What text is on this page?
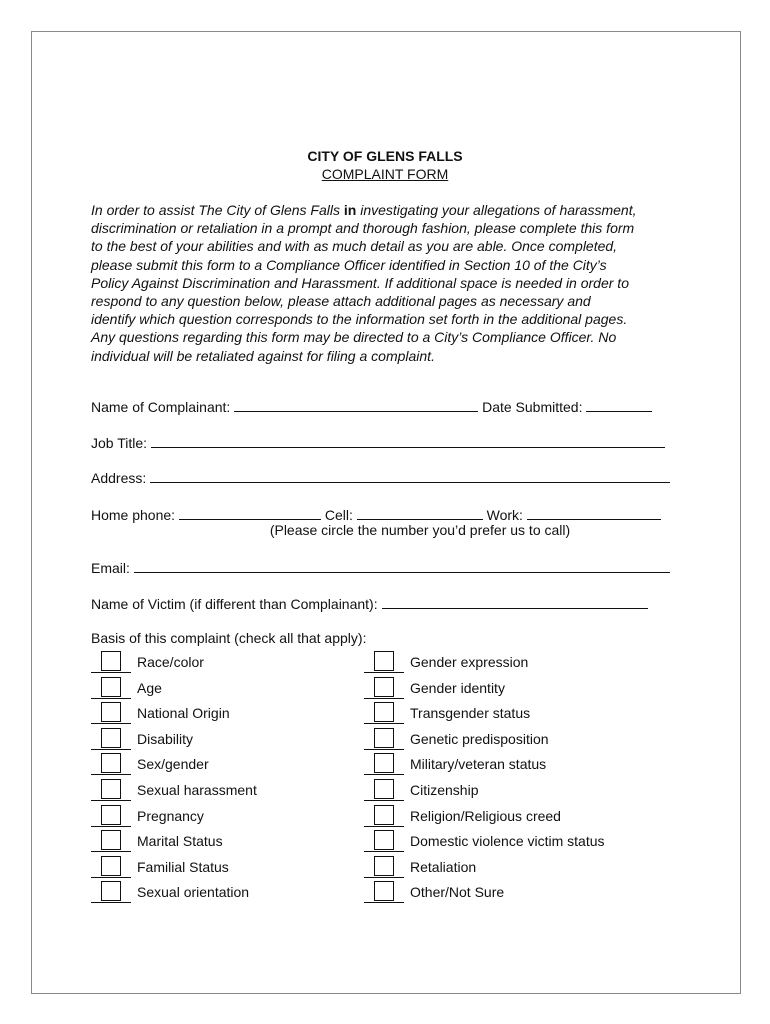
CITY OF GLENS FALLS
COMPLAINT FORM
In order to assist The City of Glens Falls in investigating your allegations of harassment,
discrimination or retaliation in a prompt and thorough fashion, please complete this form
to the best of your abilities and with as much detail as you are able. Once completed,
please submit this form to a Compliance Officer identified in Section 10 of the City’s
Policy Against Discrimination and Harassment. If additional space is needed in order to
respond to any question below, please attach additional pages as necessary and
identify which question corresponds to the information set forth in the additional pages.
Any questions regarding this form may be directed to a City’s Compliance Officer. No
individual will be retaliated against for filing a complaint.
Name of Complainant:	Date Submitted:
Job Title:
Address:
Home phone:	Cell:	Work:
(Please circle the number you’d prefer us to call)
Email:
Name of Victim (if different than Complainant):
Basis of this complaint (check all that apply):
Race/color
Age
National Origin
Disability
Sex/gender
Sexual harassment
Pregnancy
Marital Status
Familial Status
Sexual orientation
Gender expression
Gender identity
Transgender status
Genetic predisposition
Military/veteran status
Citizenship
Religion/Religious creed
Domestic violence victim status
Retaliation
Other/Not Sure
